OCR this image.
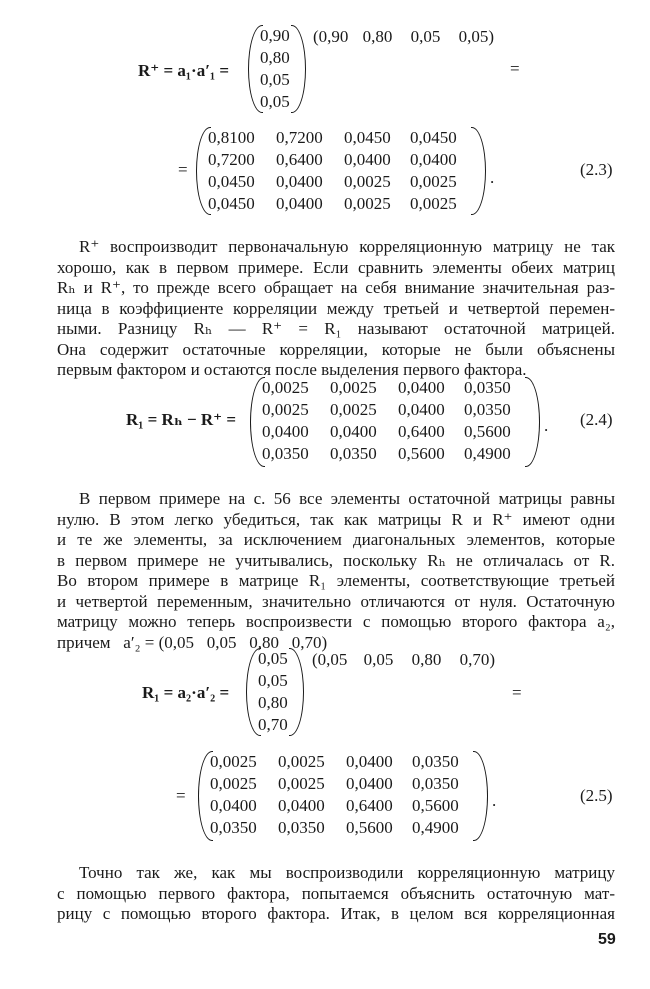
R⁺ = a₁·a′₁ =
0,90
0,80
0,05
0,05
(0,90 0,80 0,05 0,05)
=
=
0,8100 0,7200 0,0450 0,0450
0,7200 0,6400 0,0400 0,0400
0,0450 0,0400 0,0025 0,0025
0,0450 0,0400 0,0025 0,0025
.	(2.3)

R⁺ воспроизводит первоначальную корреляционную матрицу не так

хорошо, как в первом примере. Если сравнить элементы обеих матриц

Rₕ и R⁺, то прежде всего обращает на себя внимание значительная раз-

ница в коэффициенте корреляции между третьей и четвертой перемен-

ными. Разницу Rₕ — R⁺ = R₁ называют остаточной матрицей.

Она содержит остаточные корреляции, которые не были объяснены

первым фактором и остаются после выделения первого фактора.

R₁ = Rₕ − R⁺ =
0,0025 0,0025 0,0400 0,0350
0,0025 0,0025 0,0400 0,0350
0,0400 0,0400 0,6400 0,5600
0,0350 0,0350 0,5600 0,4900
. (2.4)

В первом примере на с. 56 все элементы остаточной матрицы равны

нулю. В этом легко убедиться, так как матрицы R и R⁺ имеют одни

и те же элементы, за исключением диагональных элементов, которые

в первом примере не учитывались, поскольку Rₕ не отличалась от R.

Во втором примере в матрице R₁ элементы, соответствующие третьей

и четвертой переменным, значительно отличаются от нуля. Остаточную

матрицу можно теперь воспроизвести с помощью второго фактора a₂,

причем   a′₂ = (0,05   0,05   0,80   0,70)

R₁ = a₂·a′₂ =
0,05
0,05
0,80
0,70
(0,05 0,05 0,80 0,70)
=
=
0,0025 0,0025 0,0400 0,0350
0,0025 0,0025 0,0400 0,0350
0,0400 0,0400 0,6400 0,5600
0,0350 0,0350 0,5600 0,4900
.	(2.5)

Точно так же, как мы воспроизводили корреляционную матрицу

с помощью первого фактора, попытаемся объяснить остаточную мат-

рицу с помощью второго фактора. Итак, в целом вся корреляционная

59
